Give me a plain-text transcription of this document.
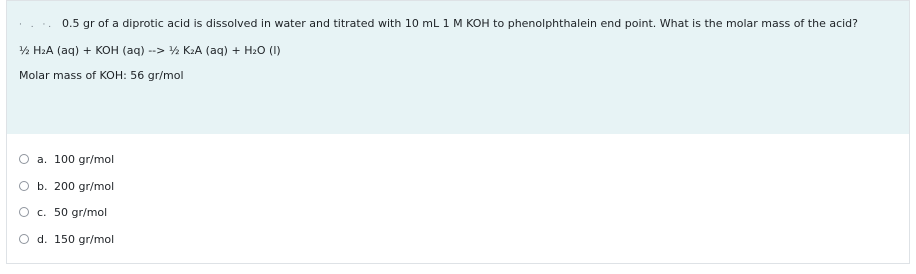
· . ·. 0.5 gr of a diprotic acid is dissolved in water and titrated with 10 mL 1 M KOH to phenolphthalein end point. What is the molar mass of the acid?
½ H₂A (aq) + KOH (aq) --> ½ K₂A (aq) + H₂O (l)
Molar mass of KOH: 56 gr/mol
a. 100 gr/mol
b. 200 gr/mol
c. 50 gr/mol
d. 150 gr/mol
